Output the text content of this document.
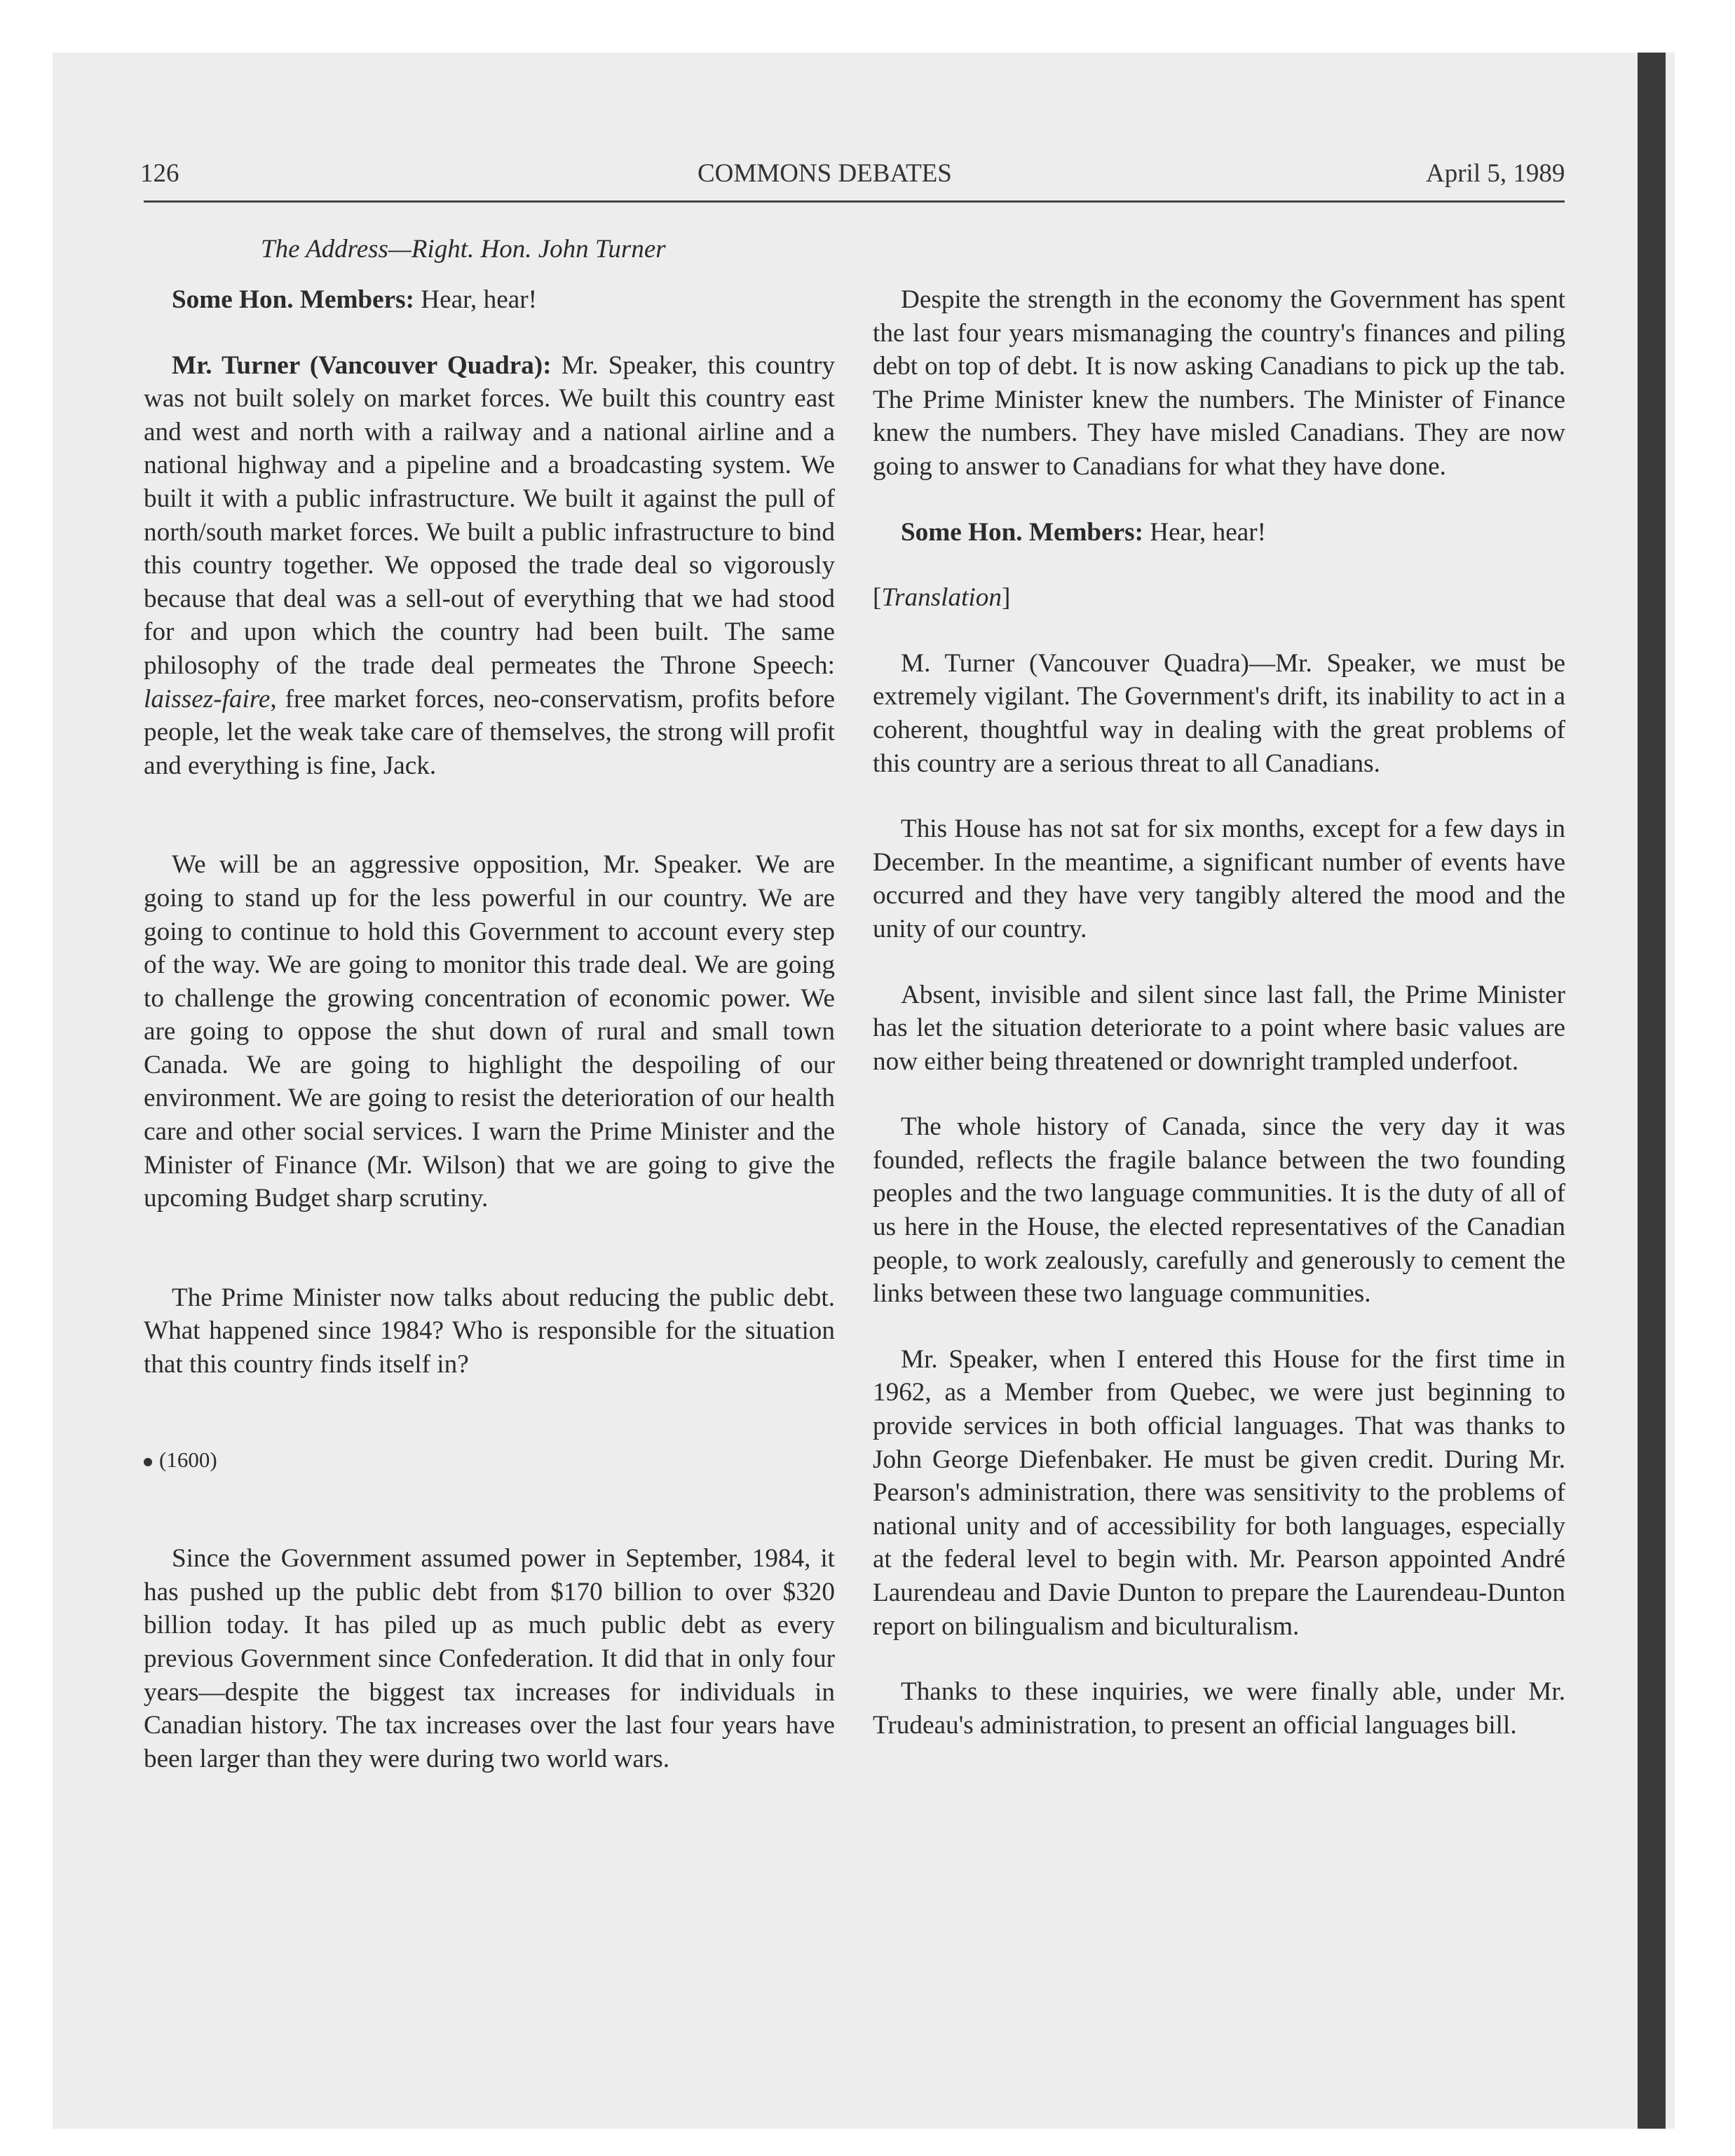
126	COMMONS DEBATES	April 5, 1989
The Address—Right. Hon. John Turner

Some Hon. Members: Hear, hear!

Mr. Turner (Vancouver Quadra): Mr. Speaker, this country was not built solely on market forces. We built this country east and west and north with a railway and a national airline and a national highway and a pipeline and a broadcasting system. We built it with a public infrastructure. We built it against the pull of north/south market forces. We built a public infrastructure to bind this country together. We opposed the trade deal so vigorously because that deal was a sell-out of everything that we had stood for and upon which the country had been built. The same philosophy of the trade deal permeates the Throne Speech: laissez-faire, free market forces, neo-conservatism, profits before people, let the weak take care of themselves, the strong will profit and everything is fine, Jack.

We will be an aggressive opposition, Mr. Speaker. We are going to stand up for the less powerful in our country. We are going to continue to hold this Government to account every step of the way. We are going to monitor this trade deal. We are going to challenge the growing concentration of economic power. We are going to oppose the shut down of rural and small town Canada. We are going to highlight the despoiling of our environment. We are going to resist the deterioration of our health care and other social services. I warn the Prime Minister and the Minister of Finance (Mr. Wilson) that we are going to give the upcoming Budget sharp scrutiny.

The Prime Minister now talks about reducing the public debt. What happened since 1984? Who is responsible for the situation that this country finds itself in?

(1600)

Since the Government assumed power in September, 1984, it has pushed up the public debt from $170 billion to over $320 billion today. It has piled up as much public debt as every previous Government since Confederation. It did that in only four years—despite the biggest tax increases for individuals in Canadian history. The tax increases over the last four years have been larger than they were during two world wars.

Despite the strength in the economy the Government has spent the last four years mismanaging the country's finances and piling debt on top of debt. It is now asking Canadians to pick up the tab. The Prime Minister knew the numbers. The Minister of Finance knew the numbers. They have misled Canadians. They are now going to answer to Canadians for what they have done.

Some Hon. Members: Hear, hear!

[Translation]

M. Turner (Vancouver Quadra)—Mr. Speaker, we must be extremely vigilant. The Government's drift, its inability to act in a coherent, thoughtful way in dealing with the great problems of this country are a serious threat to all Canadians.

This House has not sat for six months, except for a few days in December. In the meantime, a significant number of events have occurred and they have very tangibly altered the mood and the unity of our country.

Absent, invisible and silent since last fall, the Prime Minister has let the situation deteriorate to a point where basic values are now either being threatened or downright trampled underfoot.

The whole history of Canada, since the very day it was founded, reflects the fragile balance between the two founding peoples and the two language communities. It is the duty of all of us here in the House, the elected representatives of the Canadian people, to work zealously, carefully and generously to cement the links between these two language communities.

Mr. Speaker, when I entered this House for the first time in 1962, as a Member from Quebec, we were just beginning to provide services in both official languages. That was thanks to John George Diefenbaker. He must be given credit. During Mr. Pearson's administration, there was sensitivity to the problems of national unity and of accessibility for both languages, especially at the federal level to begin with. Mr. Pearson appointed André Laurendeau and Davie Dunton to prepare the Laurendeau-Dunton report on bilingualism and biculturalism.

Thanks to these inquiries, we were finally able, under Mr. Trudeau's administration, to present an official languages bill.
